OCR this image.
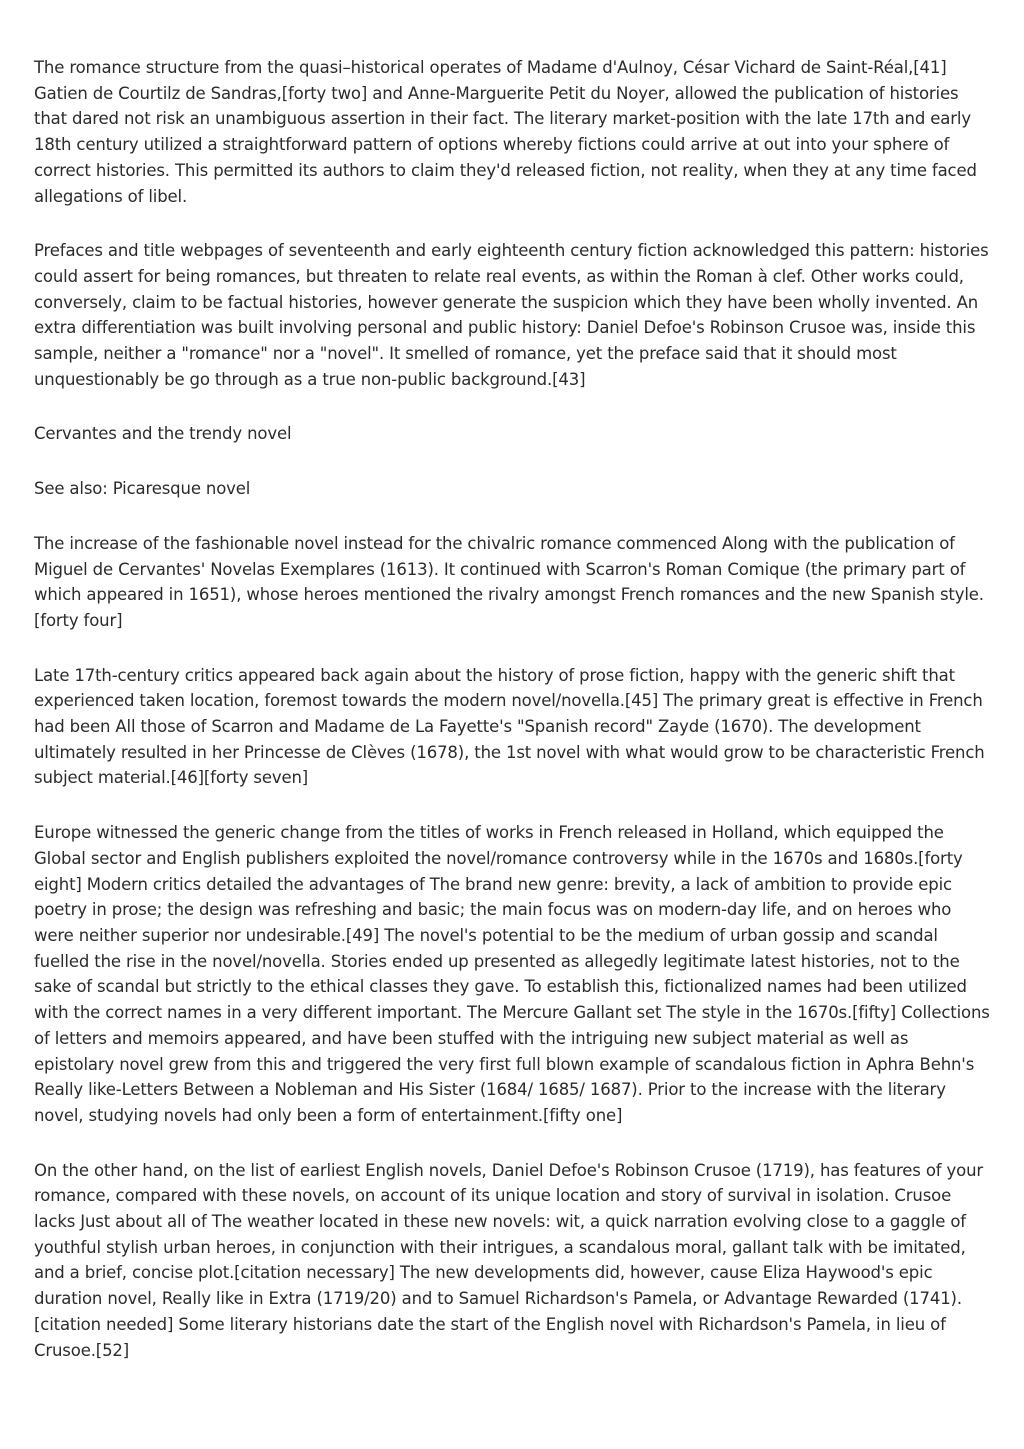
The romance structure from the quasi–historical operates of Madame d'Aulnoy, César Vichard de Saint-Réal,[41] Gatien de Courtilz de Sandras,[forty two] and Anne-Marguerite Petit du Noyer, allowed the publication of histories that dared not risk an unambiguous assertion in their fact. The literary market-position with the late 17th and early 18th century utilized a straightforward pattern of options whereby fictions could arrive at out into your sphere of correct histories. This permitted its authors to claim they'd released fiction, not reality, when they at any time faced allegations of libel.

Prefaces and title webpages of seventeenth and early eighteenth century fiction acknowledged this pattern: histories could assert for being romances, but threaten to relate real events, as within the Roman à clef. Other works could, conversely, claim to be factual histories, however generate the suspicion which they have been wholly invented. An extra differentiation was built involving personal and public history: Daniel Defoe's Robinson Crusoe was, inside this sample, neither a "romance" nor a "novel". It smelled of romance, yet the preface said that it should most unquestionably be go through as a true non-public background.[43]

Cervantes and the trendy novel

See also: Picaresque novel

The increase of the fashionable novel instead for the chivalric romance commenced Along with the publication of Miguel de Cervantes' Novelas Exemplares (1613). It continued with Scarron's Roman Comique (the primary part of which appeared in 1651), whose heroes mentioned the rivalry amongst French romances and the new Spanish style.[forty four]

Late 17th-century critics appeared back again about the history of prose fiction, happy with the generic shift that experienced taken location, foremost towards the modern novel/novella.[45] The primary great is effective in French had been All those of Scarron and Madame de La Fayette's "Spanish record" Zayde (1670). The development ultimately resulted in her Princesse de Clèves (1678), the 1st novel with what would grow to be characteristic French subject material.[46][forty seven]

Europe witnessed the generic change from the titles of works in French released in Holland, which equipped the Global sector and English publishers exploited the novel/romance controversy while in the 1670s and 1680s.[forty eight] Modern critics detailed the advantages of The brand new genre: brevity, a lack of ambition to provide epic poetry in prose; the design was refreshing and basic; the main focus was on modern-day life, and on heroes who were neither superior nor undesirable.[49] The novel's potential to be the medium of urban gossip and scandal fuelled the rise in the novel/novella. Stories ended up presented as allegedly legitimate latest histories, not to the sake of scandal but strictly to the ethical classes they gave. To establish this, fictionalized names had been utilized with the correct names in a very different important. The Mercure Gallant set The style in the 1670s.[fifty] Collections of letters and memoirs appeared, and have been stuffed with the intriguing new subject material as well as epistolary novel grew from this and triggered the very first full blown example of scandalous fiction in Aphra Behn's Really like-Letters Between a Nobleman and His Sister (1684/ 1685/ 1687). Prior to the increase with the literary novel, studying novels had only been a form of entertainment.[fifty one]

On the other hand, on the list of earliest English novels, Daniel Defoe's Robinson Crusoe (1719), has features of your romance, compared with these novels, on account of its unique location and story of survival in isolation. Crusoe lacks Just about all of The weather located in these new novels: wit, a quick narration evolving close to a gaggle of youthful stylish urban heroes, in conjunction with their intrigues, a scandalous moral, gallant talk with be imitated, and a brief, concise plot.[citation necessary] The new developments did, however, cause Eliza Haywood's epic duration novel, Really like in Extra (1719/20) and to Samuel Richardson's Pamela, or Advantage Rewarded (1741).[citation needed] Some literary historians date the start of the English novel with Richardson's Pamela, in lieu of Crusoe.[52]
